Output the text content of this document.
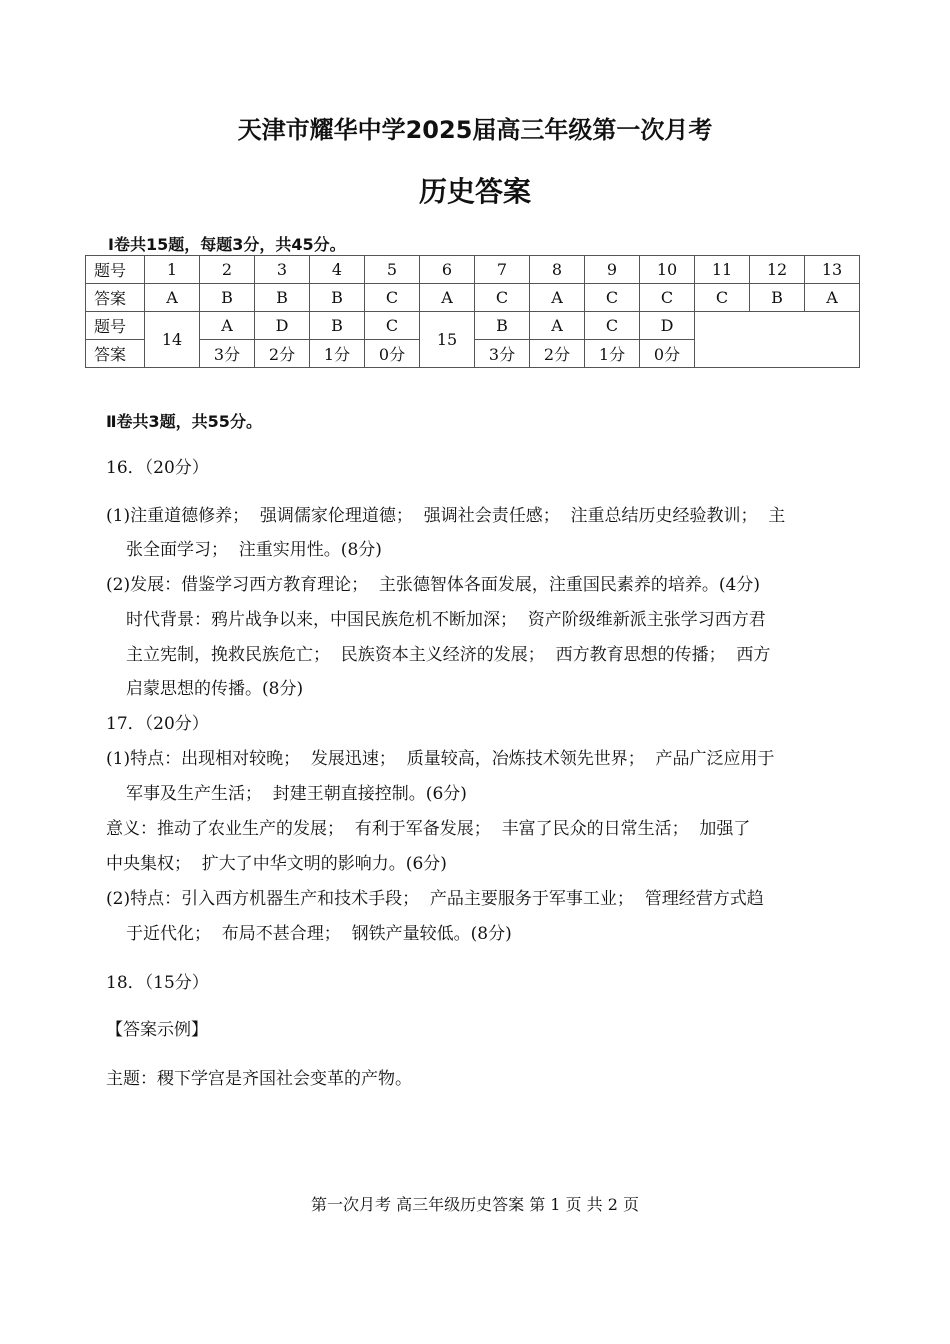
天津市耀华中学2025届高三年级第一次月考
历史答案
Ⅰ卷共15题，每题3分，共45分。
题号	1	2	3	4	5	6	7	8	9	10	11	12	13
答案	A	B	B	B	C	A	C	A	C	C	C	B	A
题号	14	A	D	B	C	15	B	A	C	D			
答案		3分	2分	1分	0分		3分	2分	1分	0分			
Ⅱ卷共3题，共55分。
16．（20分）
(1)注重道德修养；  强调儒家伦理道德；  强调社会责任感；  注重总结历史经验教训；  主
张全面学习；  注重实用性。(8分)
(2)发展：借鉴学习西方教育理论；  主张德智体各面发展，注重国民素养的培养。(4分)
时代背景：鸦片战争以来，中国民族危机不断加深；  资产阶级维新派主张学习西方君
主立宪制，挽救民族危亡；  民族资本主义经济的发展；  西方教育思想的传播；  西方
启蒙思想的传播。(8分)
17．（20分）
(1)特点：出现相对较晚；  发展迅速；  质量较高，冶炼技术领先世界；  产品广泛应用于
军事及生产生活；  封建王朝直接控制。(6分)
意义：推动了农业生产的发展；  有利于军备发展；  丰富了民众的日常生活；  加强了
中央集权；  扩大了中华文明的影响力。(6分)
(2)特点：引入西方机器生产和技术手段；  产品主要服务于军事工业；  管理经营方式趋
于近代化；  布局不甚合理；  钢铁产量较低。(8分)
18．（15分）
【答案示例】
主题：稷下学宫是齐国社会变革的产物。
第一次月考 高三年级历史答案 第 1 页 共 2 页
